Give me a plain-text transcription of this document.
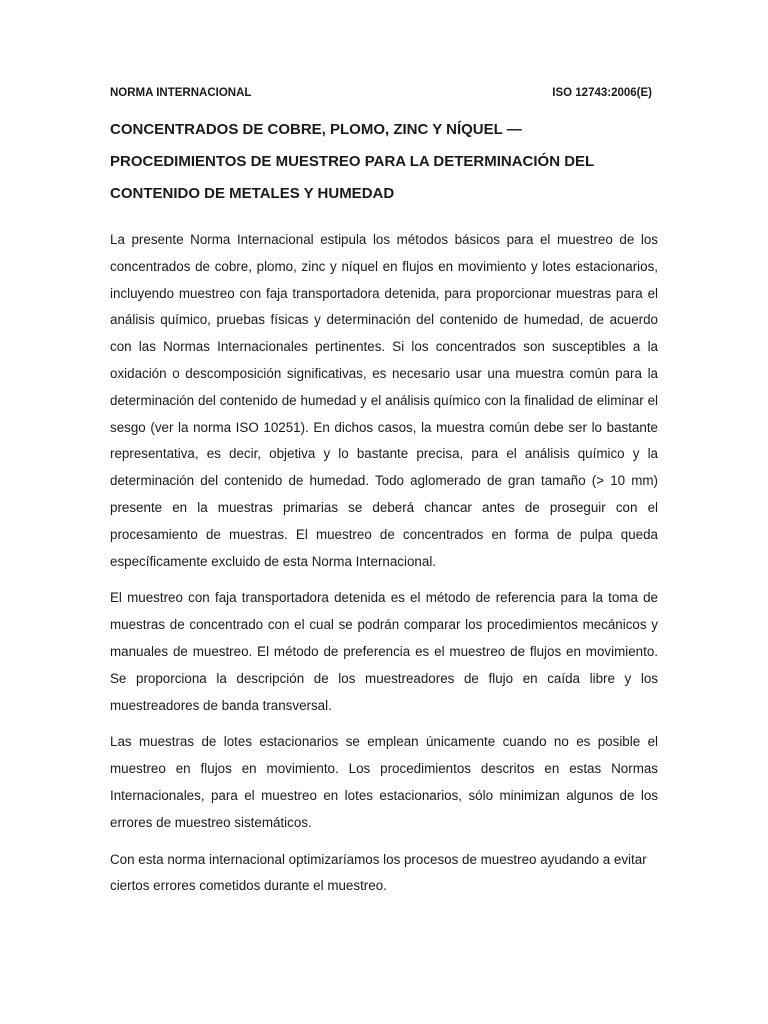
NORMA INTERNACIONAL	ISO 12743:2006(E)
CONCENTRADOS DE COBRE, PLOMO, ZINC Y NÍQUEL —
PROCEDIMIENTOS DE MUESTREO PARA LA DETERMINACIÓN DEL
CONTENIDO DE METALES Y HUMEDAD

La presente Norma Internacional estipula los métodos básicos para el muestreo de los concentrados de cobre, plomo, zinc y níquel en flujos en movimiento y lotes estacionarios, incluyendo muestreo con faja transportadora detenida, para proporcionar muestras para el análisis químico, pruebas físicas y determinación del contenido de humedad, de acuerdo con las Normas Internacionales pertinentes. Si los concentrados son susceptibles a la oxidación o descomposición significativas, es necesario usar una muestra común para la determinación del contenido de humedad y el análisis químico con la finalidad de eliminar el sesgo (ver la norma ISO 10251). En dichos casos, la muestra común debe ser lo bastante representativa, es decir, objetiva y lo bastante precisa, para el análisis químico y la determinación del contenido de humedad. Todo aglomerado de gran tamaño (> 10 mm) presente en la muestras primarias se deberá chancar antes de proseguir con el procesamiento de muestras. El muestreo de concentrados en forma de pulpa queda específicamente excluido de esta Norma Internacional.

El muestreo con faja transportadora detenida es el método de referencia para la toma de muestras de concentrado con el cual se podrán comparar los procedimientos mecánicos y manuales de muestreo. El método de preferencia es el muestreo de flujos en movimiento. Se proporciona la descripción de los muestreadores de flujo en caída libre y los muestreadores de banda transversal.

Las muestras de lotes estacionarios se emplean únicamente cuando no es posible el muestreo en flujos en movimiento. Los procedimientos descritos en estas Normas Internacionales, para el muestreo en lotes estacionarios, sólo minimizan algunos de los errores de muestreo sistemáticos.

Con esta norma internacional optimizaríamos los procesos de muestreo ayudando a evitar ciertos errores cometidos durante el muestreo.
